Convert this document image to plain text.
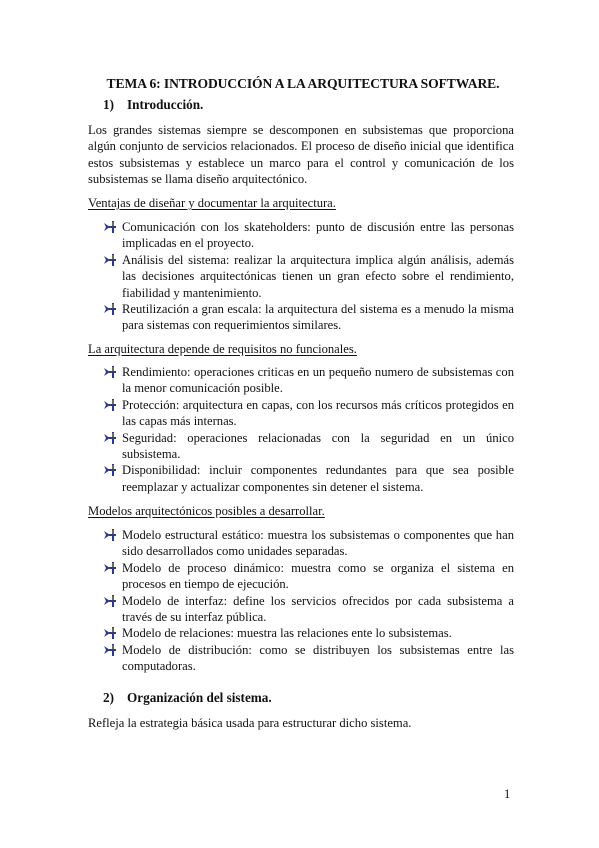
TEMA 6: INTRODUCCIÓN A LA ARQUITECTURA SOFTWARE.
1) Introducción.
Los grandes sistemas siempre se descomponen en subsistemas que proporciona algún conjunto de servicios relacionados. El proceso de diseño inicial que identifica estos subsistemas y establece un marco para el control y comunicación de los subsistemas se llama diseño arquitectónico.
Ventajas de diseñar y documentar la arquitectura.
Comunicación con los skateholders: punto de discusión entre las personas implicadas en el proyecto.
Análisis del sistema: realizar la arquitectura implica algún análisis, además las decisiones arquitectónicas tienen un gran efecto sobre el rendimiento, fiabilidad y mantenimiento.
Reutilización a gran escala: la arquitectura del sistema es a menudo la misma para sistemas con requerimientos similares.
La arquitectura depende de requisitos no funcionales.
Rendimiento: operaciones criticas en un pequeño numero de subsistemas con la menor comunicación posible.
Protección: arquitectura en capas, con los recursos más críticos protegidos en las capas más internas.
Seguridad: operaciones relacionadas con la seguridad en un único subsistema.
Disponibilidad: incluir componentes redundantes para que sea posible reemplazar y actualizar componentes sin detener el sistema.
Modelos arquitectónicos posibles a desarrollar.
Modelo estructural estático: muestra los subsistemas o componentes que han sido desarrollados como unidades separadas.
Modelo de proceso dinámico: muestra como se organiza el sistema en procesos en tiempo de ejecución.
Modelo de interfaz: define los servicios ofrecidos por cada subsistema a través de su interfaz pública.
Modelo de relaciones: muestra las relaciones ente lo subsistemas.
Modelo de distribución: como se distribuyen los subsistemas entre las computadoras.
2) Organización del sistema.
Refleja la estrategia básica usada para estructurar dicho sistema.
1
